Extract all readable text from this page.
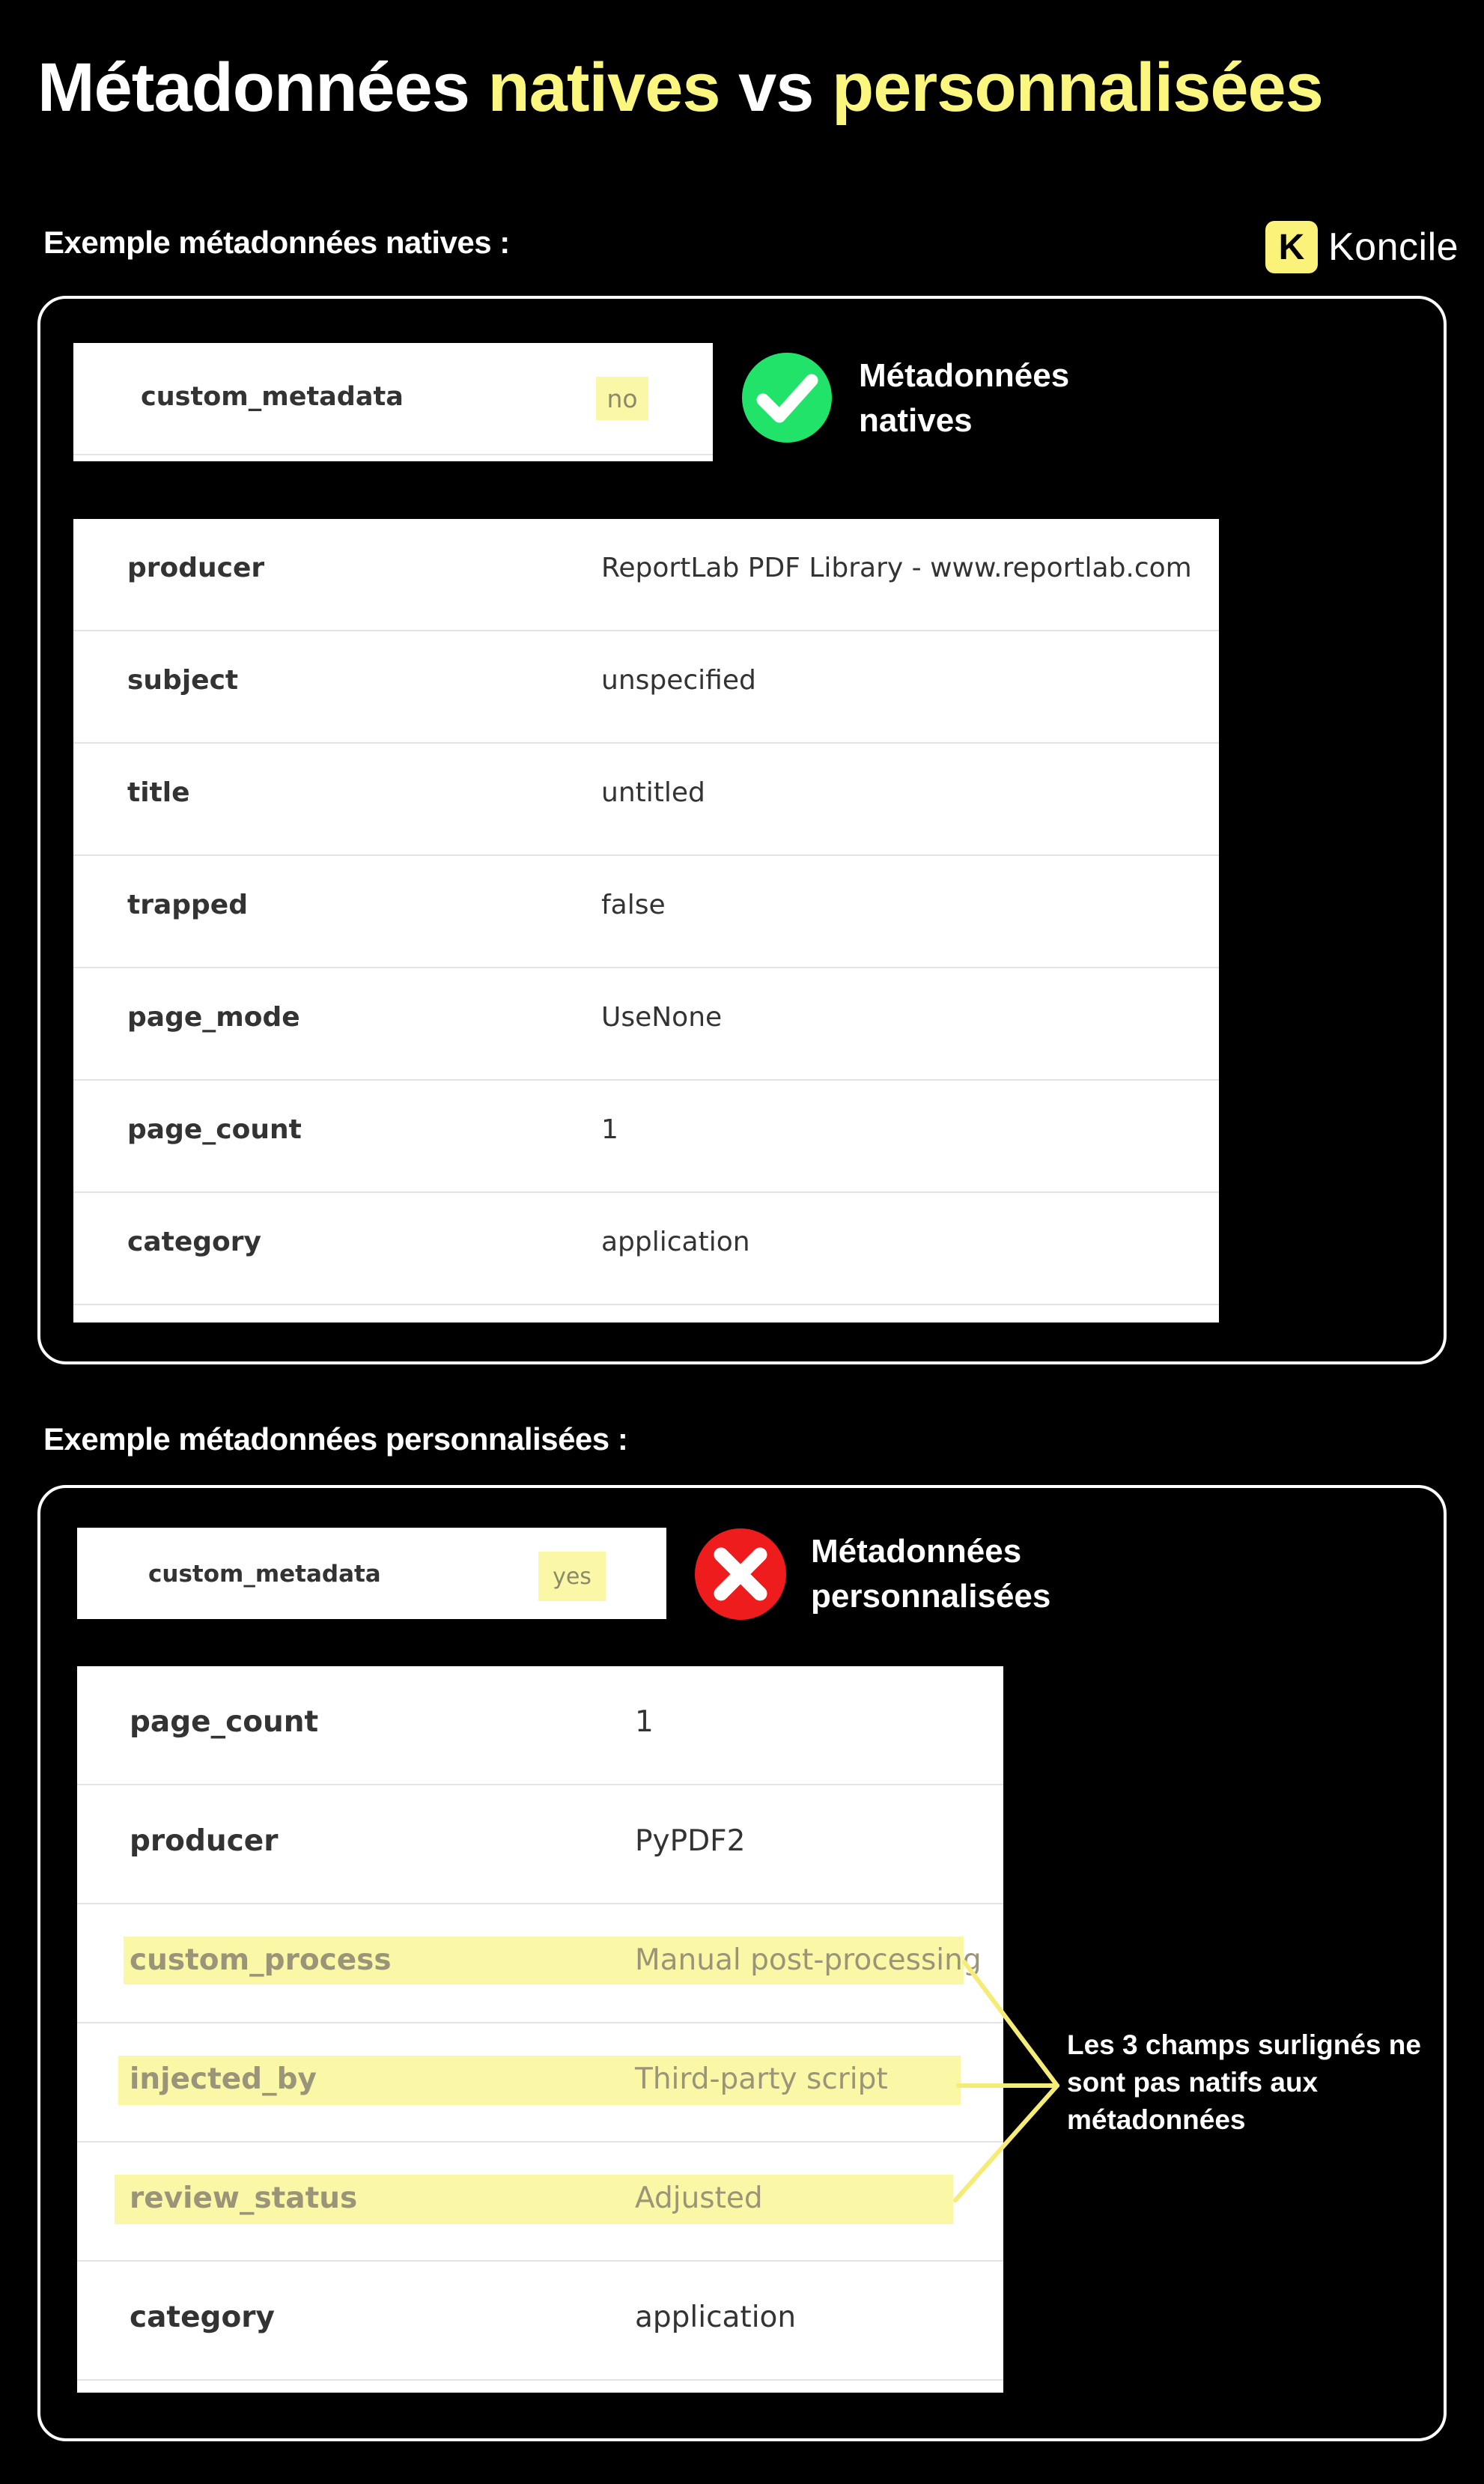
Métadonnées natives vs personnalisées
Exemple métadonnées natives :	K Koncile
custom_metadata	no
Métadonnées
natives
producer	ReportLab PDF Library - www.reportlab.com
subject	unspecified
title	untitled
trapped	false
page_mode	UseNone
page_count	1
category	application
Exemple métadonnées personnalisées :
custom_metadata	yes
Métadonnées
personnalisées
page_count	1
producer	PyPDF2
custom_process	Manual post-processing
injected_by	Third-party script
review_status	Adjusted
category	application
Les 3 champs surlignés ne sont pas natifs aux métadonnées
